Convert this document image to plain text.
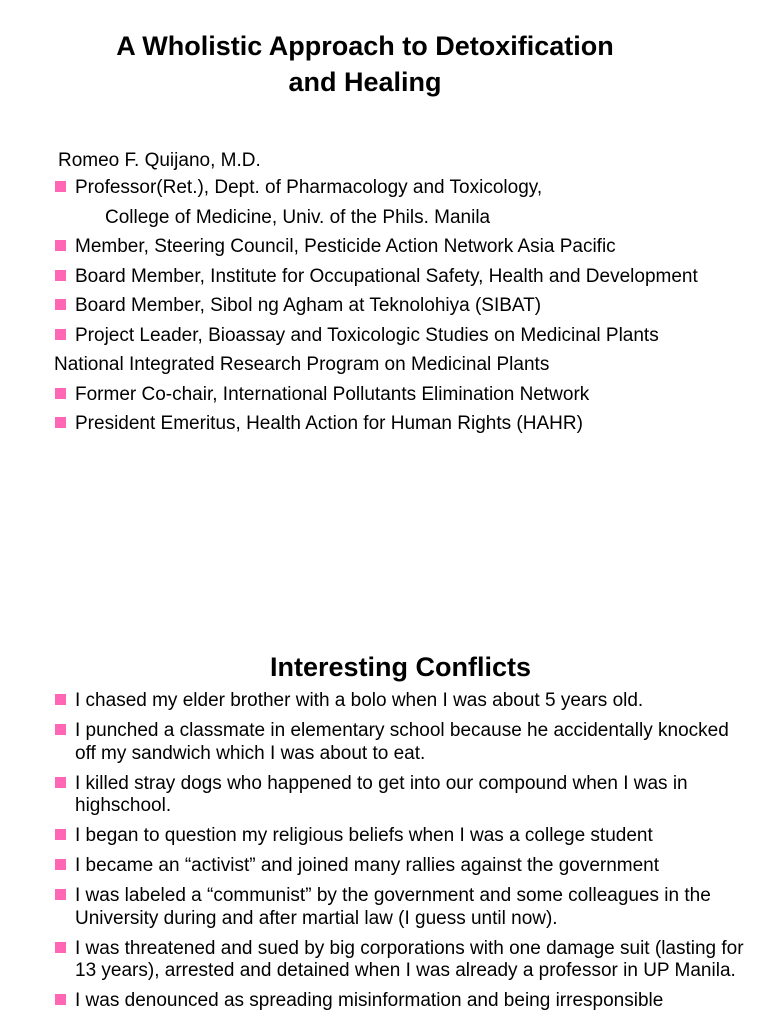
A Wholistic Approach to Detoxification
and Healing

Romeo F. Quijano, M.D.

Professor(Ret.), Dept. of Pharmacology and Toxicology,
College of Medicine, Univ. of the Phils. Manila
Member, Steering Council, Pesticide Action Network Asia Pacific
Board Member, Institute for Occupational Safety, Health and Development
Board Member, Sibol ng Agham at Teknolohiya (SIBAT)
Project Leader, Bioassay and Toxicologic Studies on Medicinal Plants
National Integrated Research Program on Medicinal Plants
Former Co-chair, International Pollutants Elimination Network
President Emeritus, Health Action for Human Rights (HAHR)
Interesting Conflicts
I chased my elder brother with a bolo when I was about 5 years old.
I punched a classmate in elementary school because he accidentally knocked off my sandwich which I was about to eat.
I killed stray dogs who happened to get into our compound when I was in highschool.
I began to question my religious beliefs when I was a college student
I became an “activist” and joined many rallies against the government
I was labeled a “communist” by the government and some colleagues in the University during and after martial law (I guess until now).
I was threatened and sued by big corporations with one damage suit (lasting for 13 years), arrested and detained when I was already a professor in UP Manila.
I was denounced as spreading misinformation and being irresponsible
